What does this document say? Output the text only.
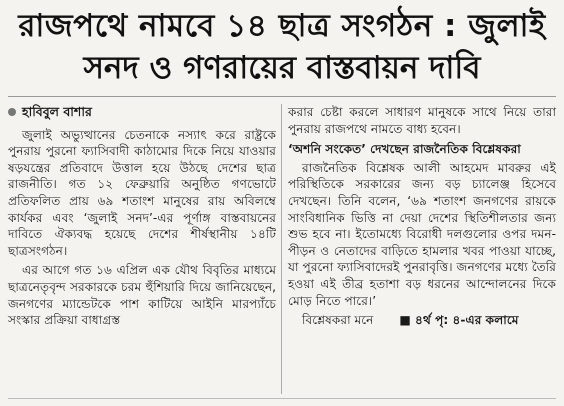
রাজপথে নামবে ১৪ ছাত্র সংগঠন : জুলাই
সনদ ও গণরায়ের বাস্তবায়ন দাবি
হাবিবুল বাশার

জুলাই অভ্যুত্থানের চেতনাকে নস্যাৎ করে রাষ্ট্রকে পুনরায় পুরনো ফ্যাসিবাদী কাঠামোর দিকে নিয়ে যাওয়ার ষড়যন্ত্রের প্রতিবাদে উত্তাল হয়ে উঠছে দেশের ছাত্র রাজনীতি। গত ১২ ফেব্রুয়ারি অনুষ্ঠিত গণভোটে প্রতিফলিত প্রায় ৬৯ শতাংশ মানুষের রায় অবিলম্বে কার্যকর এবং ‘জুলাই সনদ’-এর পূর্ণাঙ্গ বাস্তবায়নের দাবিতে ঐক্যবদ্ধ হয়েছে দেশের শীর্ষস্থানীয় ১৪টি ছাত্রসংগঠন।

এর আগে গত ১৬ এপ্রিল এক যৌথ বিবৃতির মাধ্যমে ছাত্রনেতৃবৃন্দ সরকারকে চরম হুঁশিয়ারি দিয়ে জানিয়েছেন, জনগণের ম্যান্ডেটকে পাশ কাটিয়ে আইনি মারপ্যাঁচে সংস্কার প্রক্রিয়া বাধাগ্রস্ত

করার চেষ্টা করলে সাধারণ মানুষকে সাথে নিয়ে তারা পুনরায় রাজপথে নামতে বাধ্য হবেন।

‘অশনি সংকেত’ দেখছেন রাজনৈতিক বিশ্লেষকরা

রাজনৈতিক বিশ্লেষক আলী আহমেদ মাবরুর এই পরিস্থিতিকে সরকারের জন্য বড় চ্যালেঞ্জ হিসেবে দেখছেন। তিনি বলেন, ‘৬৯ শতাংশ জনগণের রায়কে সাংবিধানিক ভিত্তি না দেয়া দেশের স্থিতিশীলতার জন্য শুভ হবে না। ইতোমধ্যে বিরোধী দলগুলোর ওপর দমন-পীড়ন ও নেতাদের বাড়িতে হামলার খবর পাওয়া যাচ্ছে, যা পুরনো ফ্যাসিবাদেরই পুনরাবৃত্তি। জনগণের মধ্যে তৈরি হওয়া এই তীব্র হতাশা বড় ধরনের আন্দোলনের দিকে মোড় নিতে পারে।’

বিশ্লেষকরা মনে ■ ৪র্থ পৃ: ৪-এর কলামে
